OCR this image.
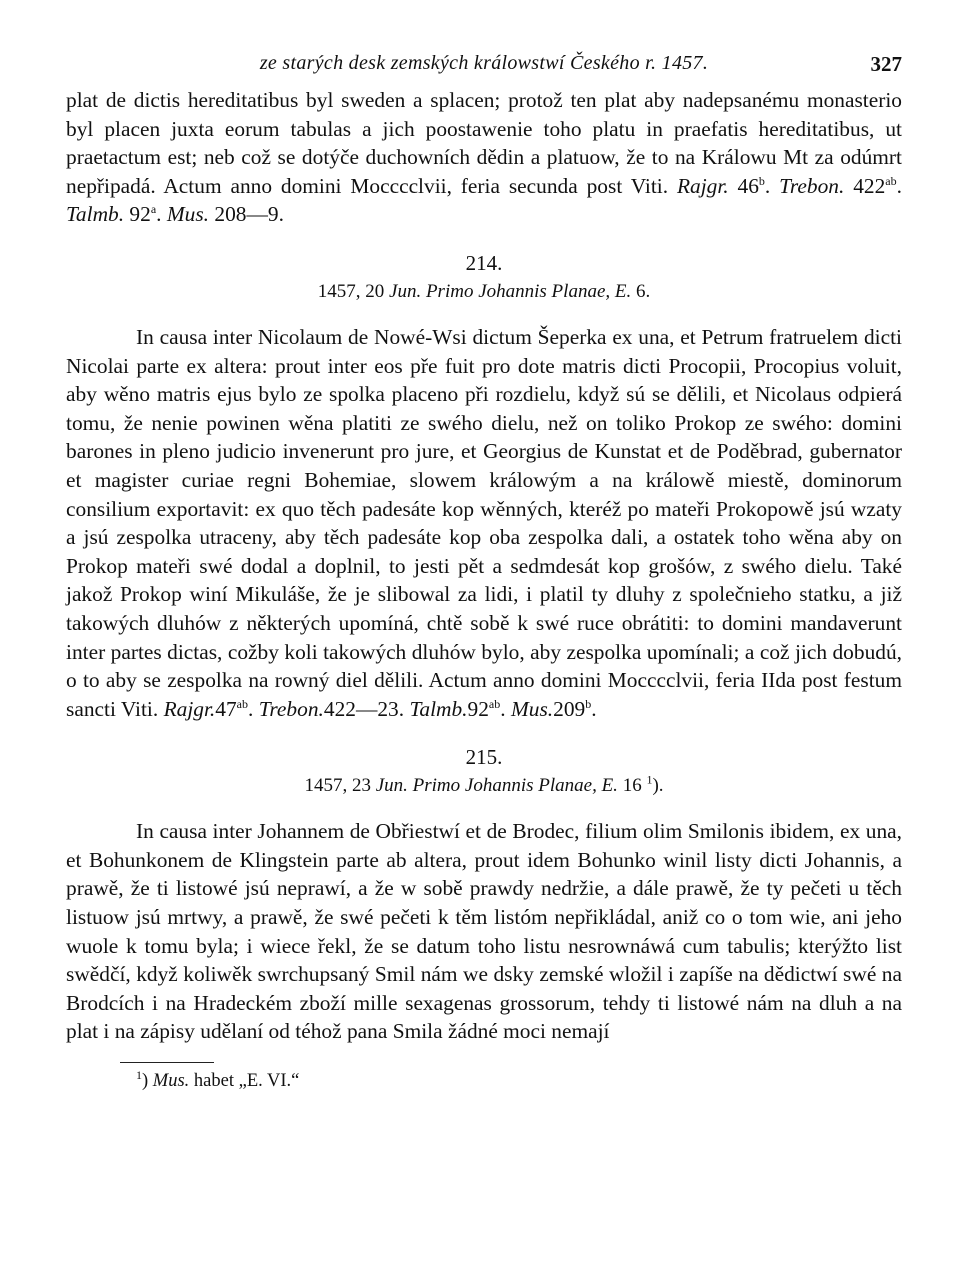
ze starých desk zemských králowstwí Českého r. 1457.	327

plat de dictis hereditatibus byl sweden a splacen; protož ten plat aby nadepsanému monasterio byl placen juxta eorum tabulas a jich poostawenie toho platu in praefatis hereditatibus, ut praetactum est; neb což se dotýče duchowních dědin a platuow, že to na Králowu Mt za odúmrt nepřipadá. Actum anno domini Mocccclvii, feria secunda post Viti. Rajgr. 46$^b$. Trebon. $422^{ab}$. Talmb. 92$^a$. Mus. 208—9.

214.
1457, 20 Jun. Primo Johannis Planae, E. 6.

In causa inter Nicolaum de Nowé-Wsi dictum Šeperka ex una, et Petrum fratruelem dicti Nicolai parte ex altera: prout inter eos pře fuit pro dote matris dicti Procopii, Procopius voluit, aby wěno matris ejus bylo ze spolka placeno při rozdielu, když sú se dělili, et Nicolaus odpierá tomu, že nenie powinen wěna platiti ze swého dielu, než on toliko Prokop ze swého: domini barones in pleno judicio invenerunt pro jure, et Georgius de Kunstat et de Poděbrad, gubernator et magister curiae regni Bohemiae, slowem králowým a na králowě miestě, dominorum consilium exportavit: ex quo těch padesáte kop wěnných, kteréž po mateři Prokopowě jsú wzaty a jsú zespolka utraceny, aby těch padesáte kop oba zespolka dali, a ostatek toho wěna aby on Prokop mateři swé dodal a doplnil, to jesti pět a sedmdesát kop grošów, z swého dielu. Také jakož Prokop winí Mikuláše, že je slibowal za lidi, i platil ty dluhy z společnieho statku, a již takowých dluhów z některých upomíná, chtě sobě k swé ruce obrátiti: to domini mandaverunt inter partes dictas, cožby koli takowých dluhów bylo, aby zespolka upomínali; a což jich dobudú, o to aby se zespolka na rowný diel dělili. Actum anno domini Mocccclvii, feria IIda post festum sancti Viti. Rajgr.47$^{ab}$. Trebon.422—23. Talmb.92$^{ab}$. Mus.209$^b$.

215.
1457, 23 Jun. Primo Johannis Planae, E. 16 $^1$).

In causa inter Johannem de Obřiestwí et de Brodec, filium olim Smilonis ibidem, ex una, et Bohunkonem de Klingstein parte ab altera, prout idem Bohunko winil listy dicti Johannis, a prawě, že ti listowé jsú neprawí, a že w sobě prawdy nedržie, a dále prawě, že ty pečeti u těch listuow jsú mrtwy, a prawě, že swé pečeti k těm listóm nepřikládal, aniž co o tom wie, ani jeho wuole k tomu byla; i wiece řekl, že se datum toho listu nesrownáwá cum tabulis; kterýžto list swědčí, když koliwěk swrchupsaný Smil nám we dsky zemské wložil i zapíše na dědictwí swé na Brodcích i na Hradeckém zboží mille sexagenas grossorum, tehdy ti listowé nám na dluh a na plat i na zápisy udělaní od téhož pana Smila žádné moci nemají

$^1$) Mus. habet „E. VI.“
